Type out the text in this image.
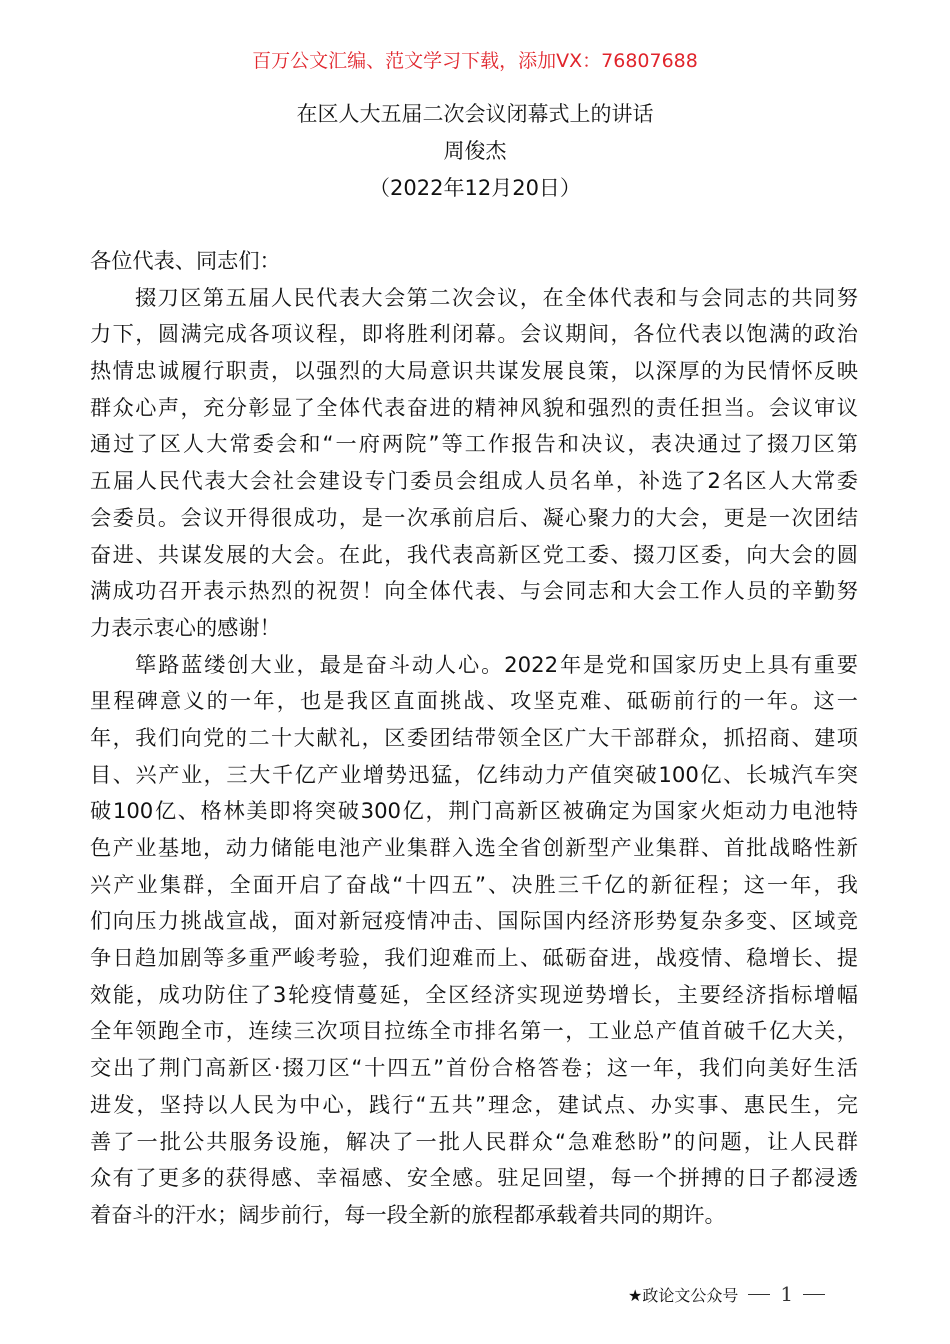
百万公文汇编、范文学习下载，添加VX：76807688
在区人大五届二次会议闭幕式上的讲话
周俊杰
（2022年12月20日）
各位代表、同志们：
掇刀区第五届人民代表大会第二次会议，在全体代表和与会同志的共同努
力下，圆满完成各项议程，即将胜利闭幕。会议期间，各位代表以饱满的政治
热情忠诚履行职责，以强烈的大局意识共谋发展良策，以深厚的为民情怀反映
群众心声，充分彰显了全体代表奋进的精神风貌和强烈的责任担当。会议审议
通过了区人大常委会和“一府两院”等工作报告和决议，表决通过了掇刀区第
五届人民代表大会社会建设专门委员会组成人员名单，补选了2名区人大常委
会委员。会议开得很成功，是一次承前启后、凝心聚力的大会，更是一次团结
奋进、共谋发展的大会。在此，我代表高新区党工委、掇刀区委，向大会的圆
满成功召开表示热烈的祝贺！向全体代表、与会同志和大会工作人员的辛勤努
力表示衷心的感谢！
筚路蓝缕创大业，最是奋斗动人心。2022年是党和国家历史上具有重要
里程碑意义的一年，也是我区直面挑战、攻坚克难、砥砺前行的一年。这一
年，我们向党的二十大献礼，区委团结带领全区广大干部群众，抓招商、建项
目、兴产业，三大千亿产业增势迅猛，亿纬动力产值突破100亿、长城汽车突
破100亿、格林美即将突破300亿，荆门高新区被确定为国家火炬动力电池特
色产业基地，动力储能电池产业集群入选全省创新型产业集群、首批战略性新
兴产业集群，全面开启了奋战“十四五”、决胜三千亿的新征程；这一年，我
们向压力挑战宣战，面对新冠疫情冲击、国际国内经济形势复杂多变、区域竞
争日趋加剧等多重严峻考验，我们迎难而上、砥砺奋进，战疫情、稳增长、提
效能，成功防住了3轮疫情蔓延，全区经济实现逆势增长，主要经济指标增幅
全年领跑全市，连续三次项目拉练全市排名第一，工业总产值首破千亿大关，
交出了荆门高新区·掇刀区“十四五”首份合格答卷；这一年，我们向美好生活
进发，坚持以人民为中心，践行“五共”理念，建试点、办实事、惠民生，完
善了一批公共服务设施，解决了一批人民群众“急难愁盼”的问题，让人民群
众有了更多的获得感、幸福感、安全感。驻足回望，每一个拼搏的日子都浸透
着奋斗的汗水；阔步前行，每一段全新的旅程都承载着共同的期许。
★政论文公众号 1
